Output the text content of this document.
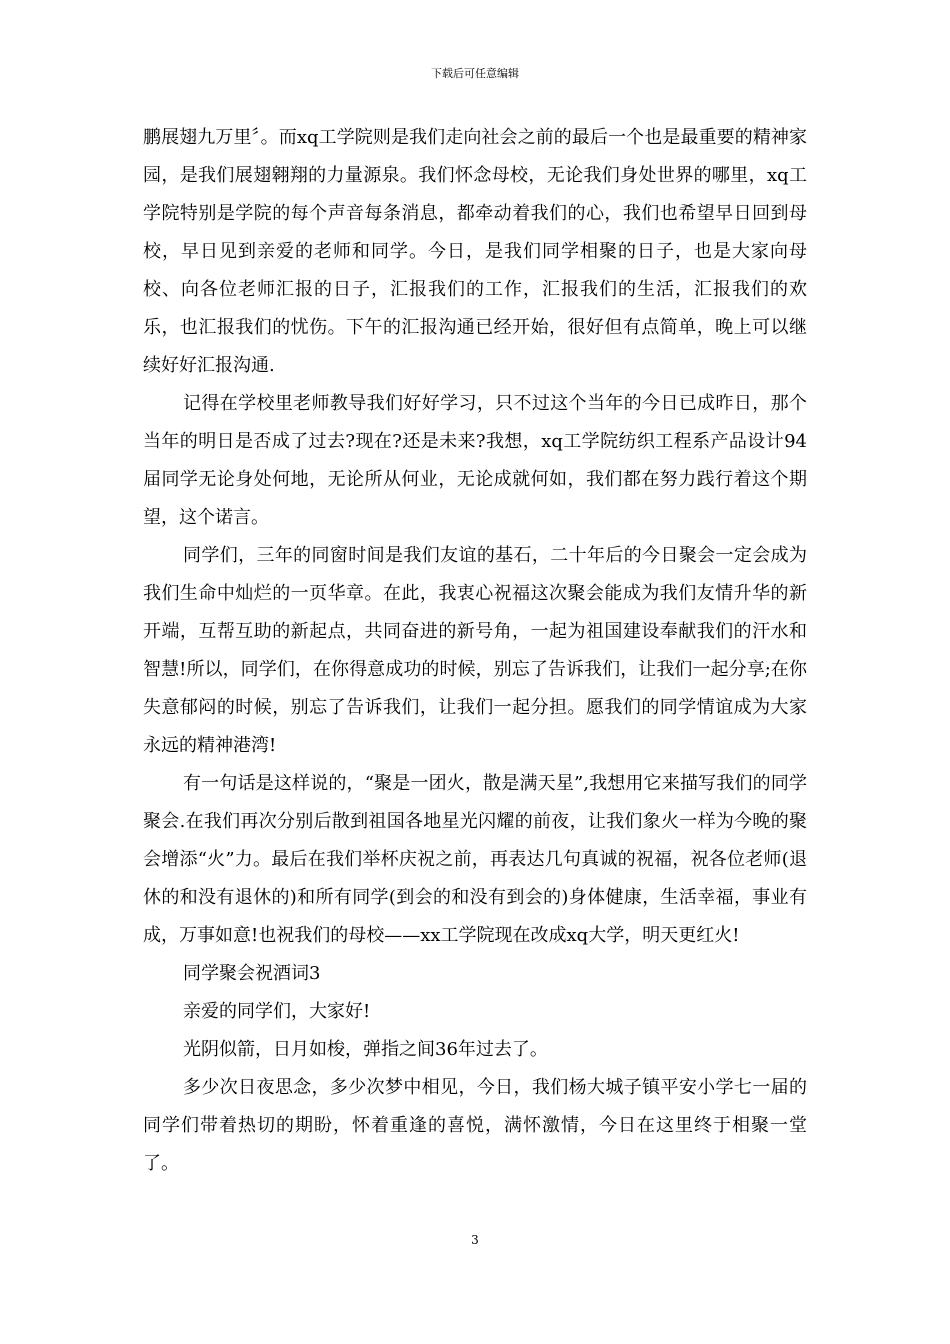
下载后可任意编辑

鹏展翅九万里〞。而xq工学院则是我们走向社会之前的最后一个也是最重要的精神家园，是我们展翅翱翔的力量源泉。我们怀念母校，无论我们身处世界的哪里，xq工学院特别是学院的每个声音每条消息，都牵动着我们的心，我们也希望早日回到母校，早日见到亲爱的老师和同学。今日，是我们同学相聚的日子，也是大家向母校、向各位老师汇报的日子，汇报我们的工作，汇报我们的生活，汇报我们的欢乐，也汇报我们的忧伤。下午的汇报沟通已经开始，很好但有点简单，晚上可以继续好好汇报沟通.

记得在学校里老师教导我们好好学习，只不过这个当年的今日已成昨日，那个当年的明日是否成了过去?现在?还是未来?我想，xq工学院纺织工程系产品设计94届同学无论身处何地，无论所从何业，无论成就何如，我们都在努力践行着这个期望，这个诺言。

同学们，三年的同窗时间是我们友谊的基石，二十年后的今日聚会一定会成为我们生命中灿烂的一页华章。在此，我衷心祝福这次聚会能成为我们友情升华的新开端，互帮互助的新起点，共同奋进的新号角，一起为祖国建设奉献我们的汗水和智慧!所以，同学们，在你得意成功的时候，别忘了告诉我们，让我们一起分享;在你失意郁闷的时候，别忘了告诉我们，让我们一起分担。愿我们的同学情谊成为大家永远的精神港湾!

有一句话是这样说的，“聚是一团火，散是满天星”,我想用它来描写我们的同学聚会.在我们再次分别后散到祖国各地星光闪耀的前夜，让我们象火一样为今晚的聚会增添“火”力。最后在我们举杯庆祝之前，再表达几句真诚的祝福，祝各位老师(退休的和没有退休的)和所有同学(到会的和没有到会的)身体健康，生活幸福，事业有成，万事如意!也祝我们的母校——xx工学院现在改成xq大学，明天更红火!

同学聚会祝酒词3

亲爱的同学们，大家好!

光阴似箭，日月如梭，弹指之间36年过去了。

多少次日夜思念，多少次梦中相见，今日，我们杨大城子镇平安小学七一届的同学们带着热切的期盼，怀着重逢的喜悦，满怀激情，今日在这里终于相聚一堂了。

3
